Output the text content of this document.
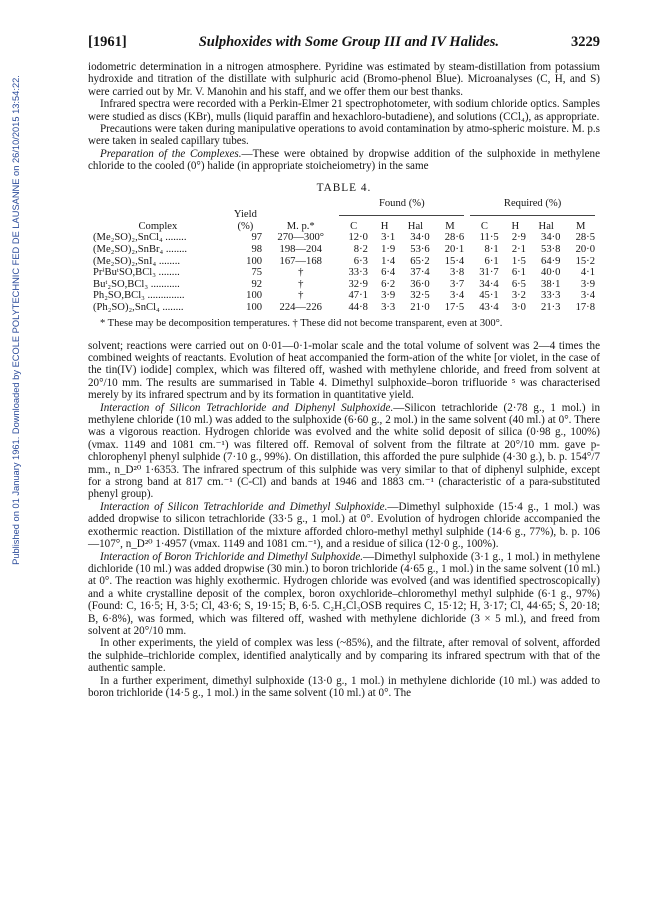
Published on 01 January 1961. Downloaded by ECOLE POLYTECHNIC FED DE LAUSANNE on 26/10/2015 13:54:22.
[1961]	Sulphoxides with Some Group III and IV Halides.	3229

iodometric determination in a nitrogen atmosphere. Pyridine was estimated by steam-distillation from potassium hydroxide and titration of the distillate with sulphuric acid (Bromo-phenol Blue). Microanalyses (C, H, and S) were carried out by Mr. V. Manohin and his staff, and we offer them our best thanks.

Infrared spectra were recorded with a Perkin-Elmer 21 spectrophotometer, with sodium chloride optics. Samples were studied as discs (KBr), mulls (liquid paraffin and hexachloro-butadiene), and solutions (CCl₄), as appropriate.

Precautions were taken during manipulative operations to avoid contamination by atmo-spheric moisture. M. p.s were taken in sealed capillary tubes.

Preparation of the Complexes.—These were obtained by dropwise addition of the sulphoxide in methylene chloride to the cooled (0°) halide (in appropriate stoicheiometry) in the same

TABLE 4.
			Found (%)				Required (%)			
	Yield								

Complex	(%)	M. p.*	C	H	Hal	M	C	H	Hal	M
(Me₂SO)₂,SnCl₄ ........	97	270—300°	12·0	3·1	34·0	28·6	11·5	2·9	34·0	28·5
(Me₂SO)₂,SnBr₄ ........	98	198—204	8·2	1·9	53·6	20·1	8·1	2·1	53·8	20·0
(Me₂SO)₂,SnI₄ ........	100	167—168	6·3	1·4	65·2	15·4	6·1	1·5	64·9	15·2
PrⁱBuᵗSO,BCl₃ ........	75	†	33·3	6·4	37·4	3·8	31·7	6·1	40·0	4·1
Buᵗ₂SO,BCl₃ ...........	92	†	32·9	6·2	36·0	3·7	34·4	6·5	38·1	3·9
Ph₂SO,BCl₃ ..............	100	†	47·1	3·9	32·5	3·4	45·1	3·2	33·3	3·4
(Ph₂SO)₂,SnCl₄ ........	100	224—226	44·8	3·3	21·0	17·5	43·4	3·0	21·3	17·8
* These may be decomposition temperatures. † These did not become transparent, even at 300°.

solvent; reactions were carried out on 0·01—0·1-molar scale and the total volume of solvent was 2—4 times the combined weights of reactants. Evolution of heat accompanied the form-ation of the white [or violet, in the case of the tin(IV) iodide] complex, which was filtered off, washed with methylene chloride, and freed from solvent at 20°/10 mm. The results are summarised in Table 4. Dimethyl sulphoxide–boron trifluoride ⁵ was characterised merely by its infrared spectrum and by its formation in quantitative yield.

Interaction of Silicon Tetrachloride and Diphenyl Sulphoxide.—Silicon tetrachloride (2·78 g., 1 mol.) in methylene chloride (10 ml.) was added to the sulphoxide (6·60 g., 2 mol.) in the same solvent (40 ml.) at 0°. There was a vigorous reaction. Hydrogen chloride was evolved and the white solid deposit of silica (0·98 g., 100%) (νmax. 1149 and 1081 cm.⁻¹) was filtered off. Removal of solvent from the filtrate at 20°/10 mm. gave p-chlorophenyl phenyl sulphide (7·10 g., 99%). On distillation, this afforded the pure sulphide (4·30 g.), b. p. 154°/7 mm., n_D²⁰ 1·6353. The infrared spectrum of this sulphide was very similar to that of diphenyl sulphide, except for a strong band at 817 cm.⁻¹ (C-Cl) and bands at 1946 and 1883 cm.⁻¹ (characteristic of a para-substituted phenyl group).

Interaction of Silicon Tetrachloride and Dimethyl Sulphoxide.—Dimethyl sulphoxide (15·4 g., 1 mol.) was added dropwise to silicon tetrachloride (33·5 g., 1 mol.) at 0°. Evolution of hydrogen chloride accompanied the exothermic reaction. Distillation of the mixture afforded chloro-methyl methyl sulphide (14·6 g., 77%), b. p. 106—107°, n_D²⁰ 1·4957 (νmax. 1149 and 1081 cm.⁻¹), and a residue of silica (12·0 g., 100%).

Interaction of Boron Trichloride and Dimethyl Sulphoxide.—Dimethyl sulphoxide (3·1 g., 1 mol.) in methylene dichloride (10 ml.) was added dropwise (30 min.) to boron trichloride (4·65 g., 1 mol.) in the same solvent (10 ml.) at 0°. The reaction was highly exothermic. Hydrogen chloride was evolved (and was identified spectroscopically) and a white crystalline deposit of the complex, boron oxychloride–chloromethyl methyl sulphide (6·1 g., 97%) (Found: C, 16·5; H, 3·5; Cl, 43·6; S, 19·15; B, 6·5. C₂H₅Cl₃OSB requires C, 15·12; H, 3·17; Cl, 44·65; S, 20·18; B, 6·8%), was formed, which was filtered off, washed with methylene dichloride (3 × 5 ml.), and freed from solvent at 20°/10 mm.

In other experiments, the yield of complex was less (~85%), and the filtrate, after removal of solvent, afforded the sulphide–trichloride complex, identified analytically and by comparing its infrared spectrum with that of the authentic sample.

In a further experiment, dimethyl sulphoxide (13·0 g., 1 mol.) in methylene dichloride (10 ml.) was added to boron trichloride (14·5 g., 1 mol.) in the same solvent (10 ml.) at 0°. The
